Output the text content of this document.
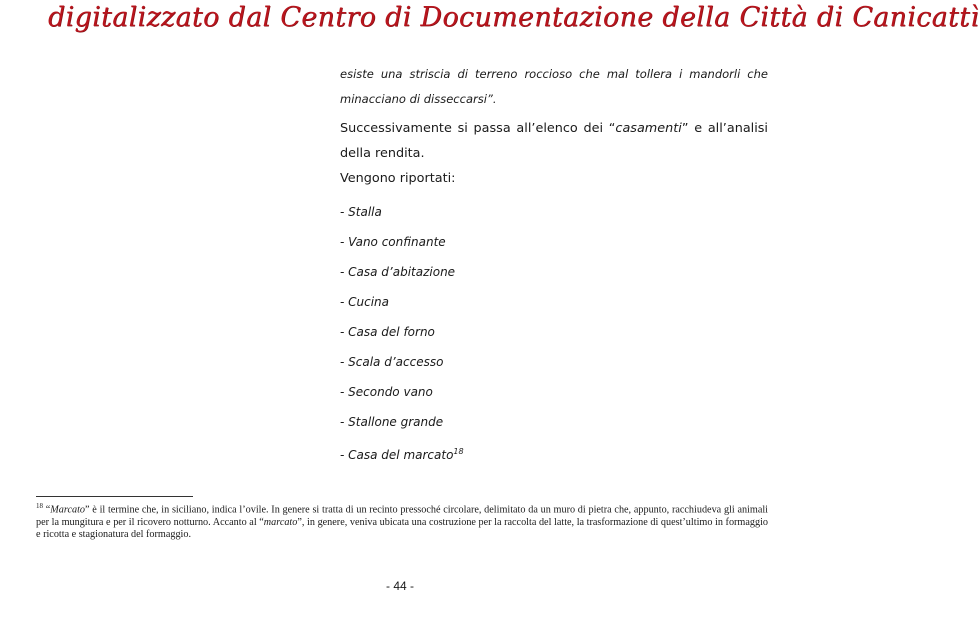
digitalizzato dal Centro di Documentazione della Città di Canicattì
esiste una striscia di terreno roccioso che mal tollera i mandorli che minacciano di disseccarsi”.
Successivamente si passa all’elenco dei “casamenti” e all’analisi della rendita.
Vengono riportati:
- Stalla
- Vano confinante
- Casa d’abitazione
- Cucina
- Casa del forno
- Scala d’accesso
- Secondo vano
- Stallone grande
- Casa del marcato$^{18}$
$^{18}$ “Marcato” è il termine che, in siciliano, indica l’ovile. In genere si tratta di un recinto pressoché circolare, delimitato da un muro di pietra che, appunto, racchiudeva gli animali per la mungitura e per il ricovero notturno. Accanto al “marcato”, in genere, veniva ubicata una costruzione per la raccolta del latte, la trasformazione di quest’ultimo in formaggio e ricotta e stagionatura del formaggio.
- 44 -
